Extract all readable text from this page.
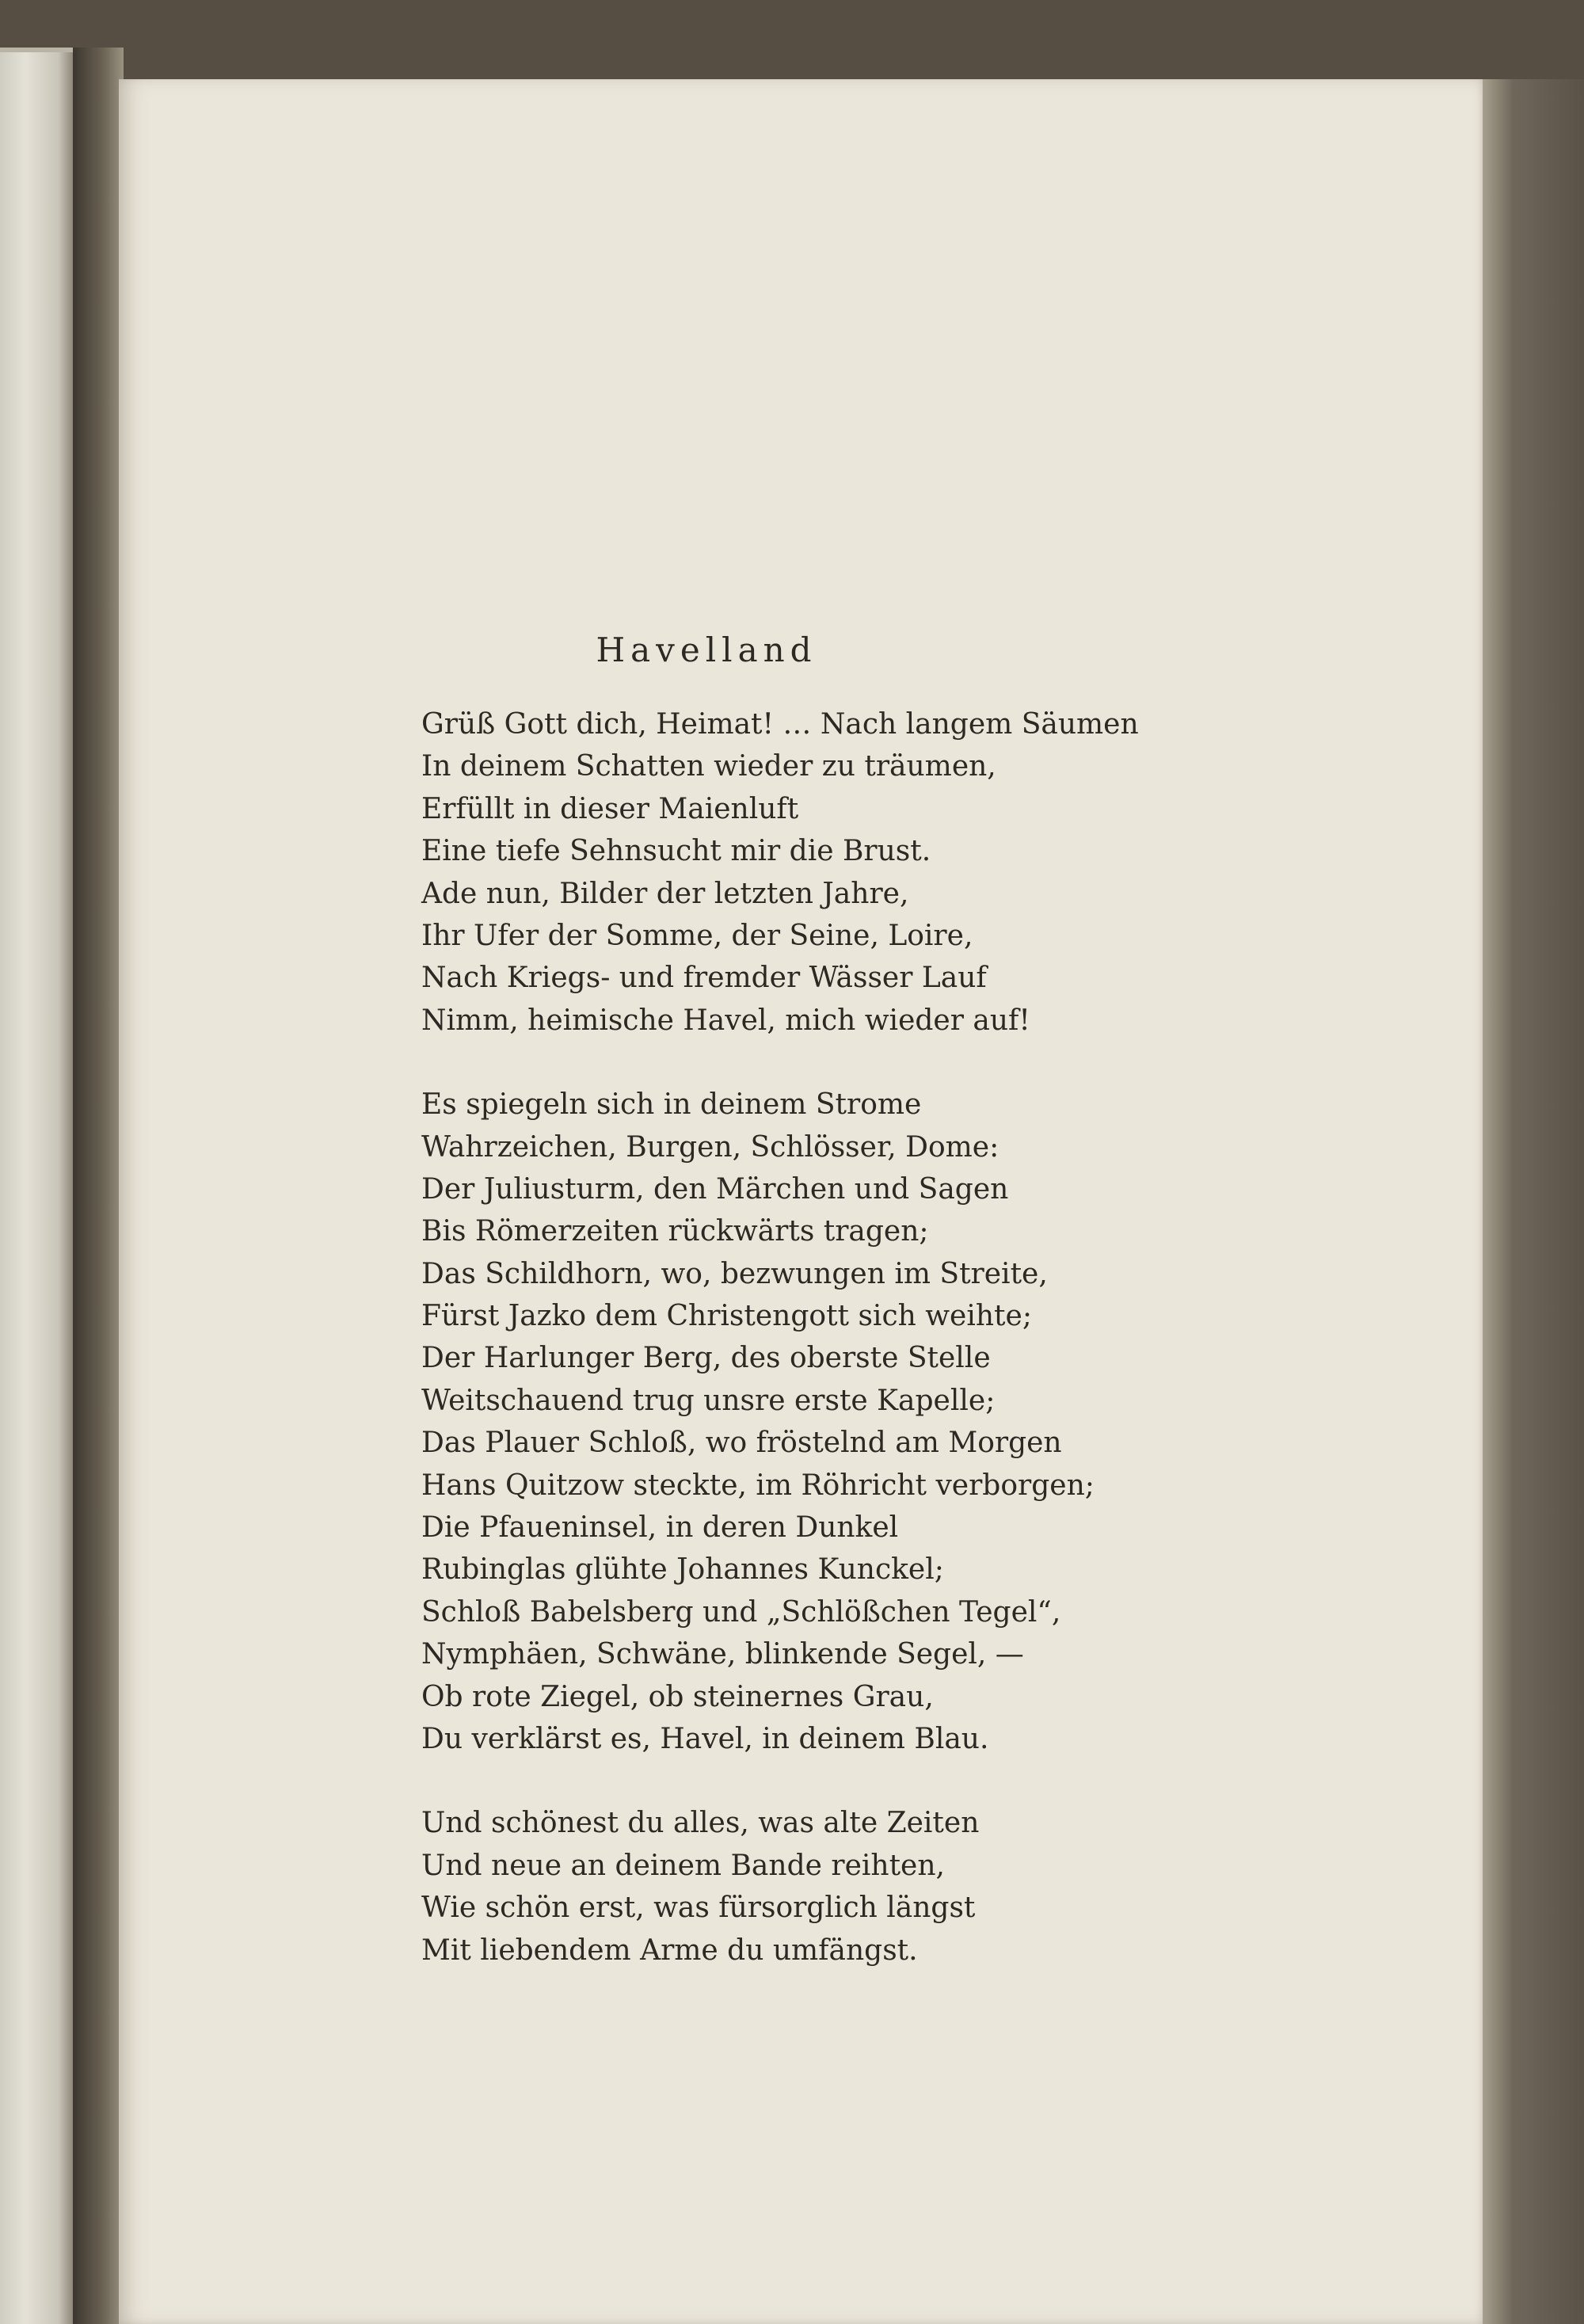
Havelland
Grüß Gott dich, Heimat! … Nach langem Säumen
In deinem Schatten wieder zu träumen,
Erfüllt in dieser Maienluft
Eine tiefe Sehnsucht mir die Brust.
Ade nun, Bilder der letzten Jahre,
Ihr Ufer der Somme, der Seine, Loire,
Nach Kriegs- und fremder Wässer Lauf
Nimm, heimische Havel, mich wieder auf!
Es spiegeln sich in deinem Strome
Wahrzeichen, Burgen, Schlösser, Dome:
Der Juliusturm, den Märchen und Sagen
Bis Römerzeiten rückwärts tragen;
Das Schildhorn, wo, bezwungen im Streite,
Fürst Jazko dem Christengott sich weihte;
Der Harlunger Berg, des oberste Stelle
Weitschauend trug unsre erste Kapelle;
Das Plauer Schloß, wo fröstelnd am Morgen
Hans Quitzow steckte, im Röhricht verborgen;
Die Pfaueninsel, in deren Dunkel
Rubinglas glühte Johannes Kunckel;
Schloß Babelsberg und „Schlößchen Tegel“,
Nymphäen, Schwäne, blinkende Segel, —
Ob rote Ziegel, ob steinernes Grau,
Du verklärst es, Havel, in deinem Blau.
Und schönest du alles, was alte Zeiten
Und neue an deinem Bande reihten,
Wie schön erst, was fürsorglich längst
Mit liebendem Arme du umfängst.
